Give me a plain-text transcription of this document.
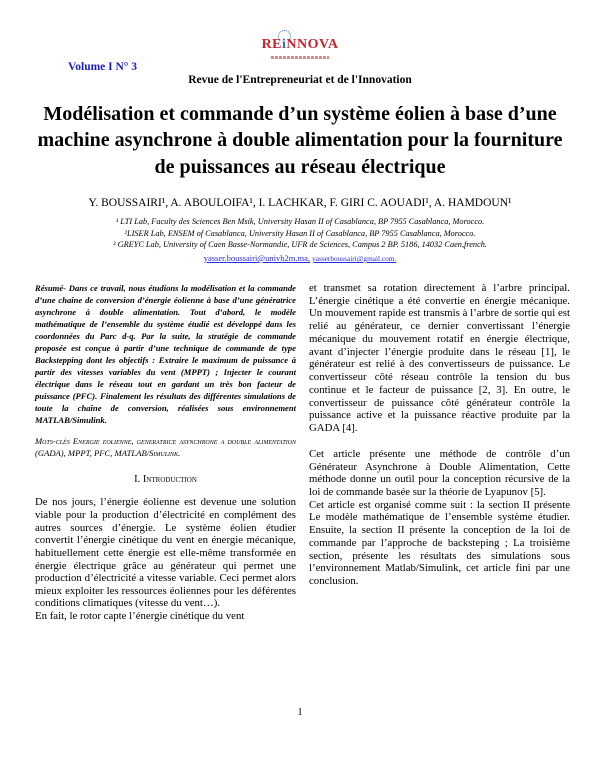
REiNNOVA
Volume I N° 3
Revue de l'Entrepreneuriat et de l'Innovation
Modélisation et commande d’un système éolien à base d’une machine asynchrone à double alimentation pour la fourniture de puissances au réseau électrique
Y. BOUSSAIRI¹, A. ABOULOIFA¹, I. LACHKAR, F. GIRI C. AOUADI¹, A. HAMDOUN¹
¹ LTI Lab, Faculty des Sciences Ben Msik, University Hasan II of Casablanca, BP 7955 Casablanca, Morocco.
²LISER Lab, ENSEM of Casablanca, University Hasan II of Casablanca, BP 7955 Casablanca, Morocco.
³ GREYC Lab, University of Caen Basse-Normandie, UFR de Sciences, Campus 2 BP. 5186, 14032 Caen,french.
yasser.boussairi@univh2m.ma, yasserboussairi@gmail.com.

Résumé- Dans ce travail, nous étudions la modélisation et la commande d’une chaîne de conversion d’énergie éolienne à base d’une génératrice asynchrone à double alimentation. Tout d’abord, le modèle mathématique de l’ensemble du système étudié est développé dans les coordonnées du Parc d-q. Par la suite, la stratégie de commande proposée est conçue à partir d’une technique de commande de type Backstepping dont les objectifs : Extraire le maximum de puissance à partir des vitesses variables du vent (MPPT) ; Injecter le courant électrique dans le réseau tout en gardant un très bon facteur de puissance (PFC). Finalement les résultats des différentes simulations de toute la chaîne de conversion, réalisées sous environnement MATLAB/Simulink.

Mots-clés Energie eolienne, generatrice asynchrone a double alimentation (GADA), MPPT, PFC, MATLAB/Simulink.

I. Introduction

De nos jours, l’énergie éolienne est devenue une solution viable pour la production d’électricité en complément des autres sources d’énergie. Le système éolien étudier convertit l’énergie cinétique du vent en énergie mécanique, habituellement cette énergie est elle-même transformée en énergie électrique grâce au générateur qui permet une production d’électricité a vitesse variable. Ceci permet alors mieux exploiter les ressources éoliennes pour les déférentes conditions climatiques (vitesse du vent…).

En fait, le rotor capte l’énergie cinétique du vent

et transmet sa rotation directement à l’arbre principal. L’énergie cinétique a été convertie en énergie mécanique. Un mouvement rapide est transmis à l’arbre de sortie qui est relié au générateur, ce dernier convertissant l’énergie mécanique du mouvement rotatif en énergie électrique, avant d’injecter l’énergie produite dans le réseau [1], le générateur est relié à des convertisseurs de puissance. Le convertisseur côté réseau contrôle la tension du bus continue et le facteur de puissance [2, 3]. En outre, le convertisseur de puissance côté générateur contrôle la puissance active et la puissance réactive produite par la GADA [4].

Cet article présente une méthode de contrôle d’un Générateur Asynchrone à Double Alimentation, Cette méthode donne un outil pour la conception récursive de la loi de commande basée sur la théorie de Lyapunov [5].

Cet article est organisé comme suit : la section II présente Le modèle mathématique de l’ensemble système étudier. Ensuite, la section II présente la conception de la loi de commande par l’approche de backsteping ; La troisième section, présente les résultats des simulations sous l’environnement Matlab/Simulink, cet article fini par une conclusion.

1
